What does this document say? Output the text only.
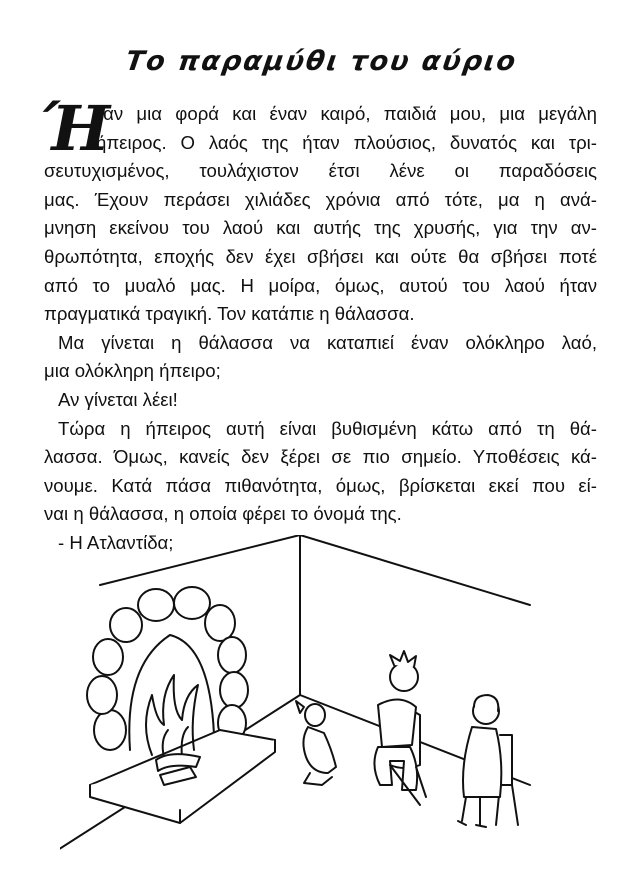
Το παραμύθι του αύριο
Ή
ταν μια φορά και έναν καιρό, παιδιά μου, μια μεγάλη
ήπειρος. Ο λαός της ήταν πλούσιος, δυνατός και τρι-
σευτυχισμένος, τουλάχιστον έτσι λένε οι παραδόσεις
μας. Έχουν περάσει χιλιάδες χρόνια από τότε, μα η ανά-
μνηση εκείνου του λαού και αυτής της χρυσής, για την αν-
θρωπότητα, εποχής δεν έχει σβήσει και ούτε θα σβήσει ποτέ
από το μυαλό μας. Η μοίρα, όμως, αυτού του λαού ήταν
πραγματικά τραγική. Τον κατάπιε η θάλασσα.
Μα γίνεται η θάλασσα να καταπιεί έναν ολόκληρο λαό,
μια ολόκληρη ήπειρο;
Αν γίνεται λέει!
Τώρα η ήπειρος αυτή είναι βυθισμένη κάτω από τη θά-
λασσα. Όμως, κανείς δεν ξέρει σε πιο σημείο. Υποθέσεις κά-
νουμε. Κατά πάσα πιθανότητα, όμως, βρίσκεται εκεί που εί-
ναι η θάλασσα, η οποία φέρει το όνομά της.
- Η Ατλαντίδα;
